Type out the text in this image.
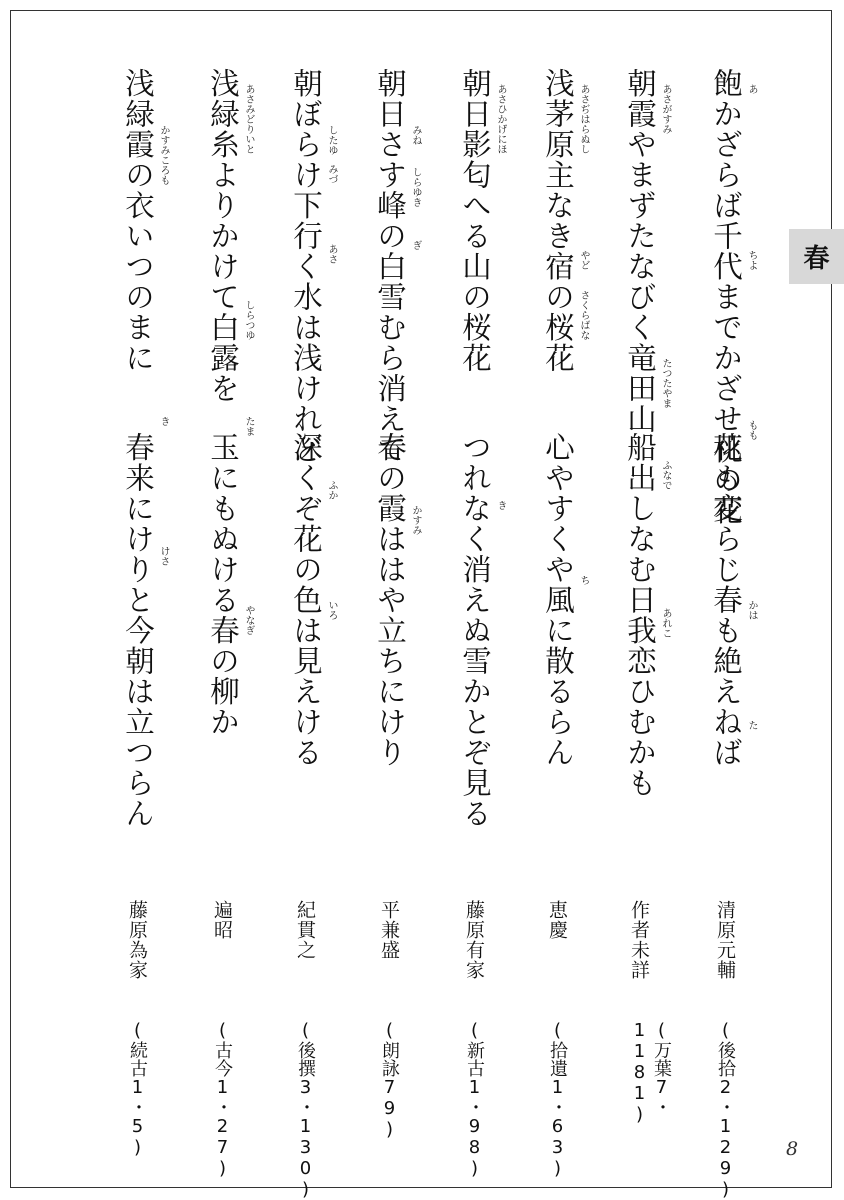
春
飽かざらば千代までかざせ桃の花
花も変らじ春も絶えねば
あ
ちよ
もも
かは
た
清原元輔
(後拾2・129)
朝霞やまずたなびく竜田山
船出しなむ日我恋ひむかも
あさがすみ
たつたやま
ふなで
あれこ
作者未詳
(万葉7・1181)
浅茅原主なき宿の桜花
心やすくや風に散るらん
あさぢはらぬし
やど
さくらばな
ち
恵慶
(拾遺1・63)
朝日影匂へる山の桜花
つれなく消えぬ雪かとぞ見る
あさひかげにほ
き
藤原有家
(新古1・98)
朝日さす峰の白雪むら消えて
春の霞ははや立ちにけり
みね
しらゆき
ぎ
かすみ
平兼盛
(朗詠79)
朝ぼらけ下行く水は浅けれど
深くぞ花の色は見えける
したゆ
みづ
あさ
ふか
いろ
紀貫之
(後撰3・130)
浅緑糸よりかけて白露を
玉にもぬける春の柳か
あさみどりいと
しらつゆ
たま
やなぎ
遍昭
(古今1・27)
浅緑霞の衣いつのまに
春来にけりと今朝は立つらん
かすみころも
き
けさ
藤原為家
(続古1・5)	8
